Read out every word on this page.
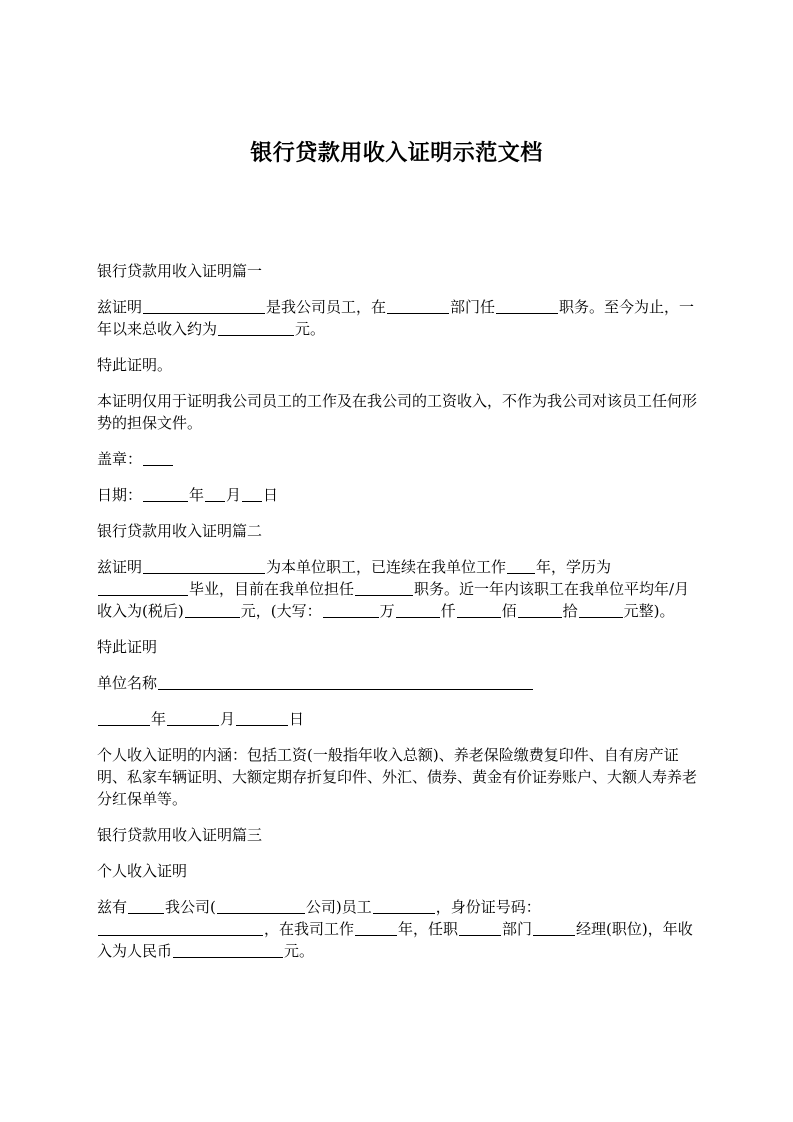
银行贷款用收入证明示范文档

银行贷款用收入证明篇一

兹证明	是我公司员工，在	部门任	职务。至今为止，一年以来总收入约为	元。

特此证明。

本证明仅用于证明我公司员工的工作及在我公司的工资收入，不作为我公司对该员工任何形势的担保文件。

盖章：

日期：	年 月 日

银行贷款用收入证明篇二

兹证明	为本单位职工，已连续在我单位工作 年，学历为毕业，目前在我单位担任	职务。近一年内该职工在我单位平均年/月收入为(税后)	元，(大写：	万	仟	佰	拾	元整)。

特此证明

单位名称

年	月	日

个人收入证明的内涵：包括工资(一般指年收入总额)、养老保险缴费复印件、自有房产证明、私家车辆证明、大额定期存折复印件、外汇、债券、黄金有价证券账户、大额人寿养老分红保单等。

银行贷款用收入证明篇三

个人收入证明

兹有	我公司(	公司)员工	，身份证号码：，在我司工作	年，任职	部门	经理(职位)，年收入为人民币	元。
